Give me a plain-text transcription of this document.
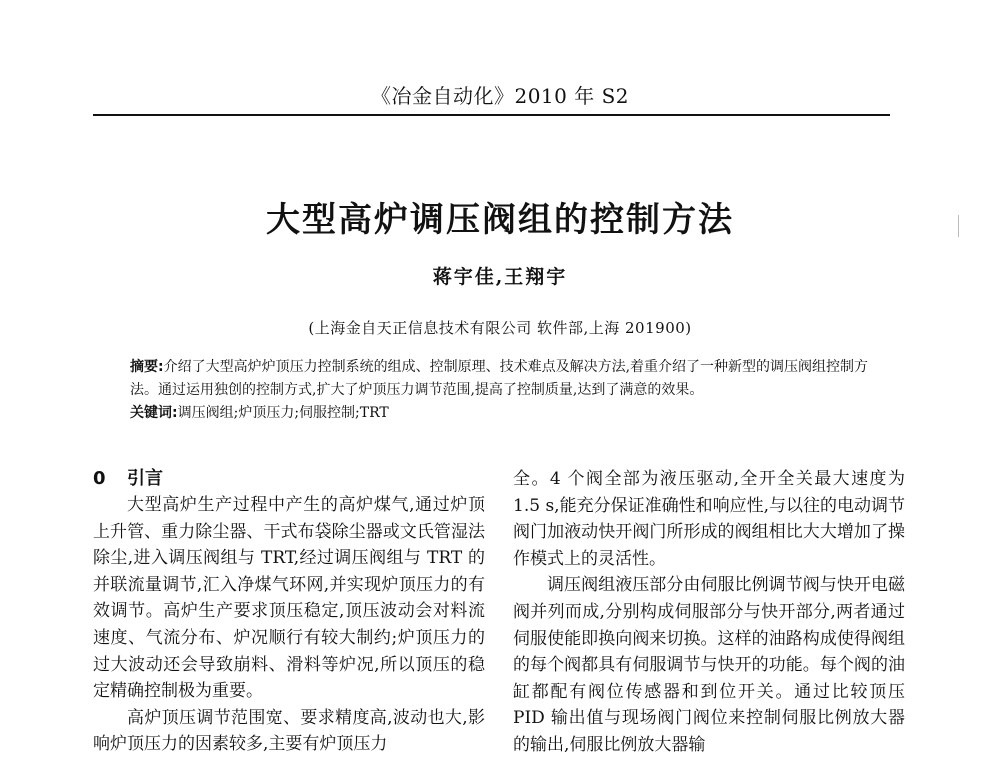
《冶金自动化》2010 年 S2
大型高炉调压阀组的控制方法
蒋宇佳,王翔宇
(上海金自天正信息技术有限公司 软件部,上海 201900)

摘要:介绍了大型高炉炉顶压力控制系统的组成、控制原理、技术难点及解决方法,着重介绍了一种新型的调压阀组控制方法。通过运用独创的控制方式,扩大了炉顶压力调节范围,提高了控制质量,达到了满意的效果。

关键词:调压阀组;炉顶压力;伺服控制;TRT

0 引言

大型高炉生产过程中产生的高炉煤气,通过炉顶上升管、重力除尘器、干式布袋除尘器或文氏管湿法除尘,进入调压阀组与 TRT,经过调压阀组与 TRT 的并联流量调节,汇入净煤气环网,并实现炉顶压力的有效调节。高炉生产要求顶压稳定,顶压波动会对料流速度、气流分布、炉况顺行有较大制约;炉顶压力的过大波动还会导致崩料、滑料等炉况,所以顶压的稳定精确控制极为重要。

高炉顶压调节范围宽、要求精度高,波动也大,影响炉顶压力的因素较多,主要有炉顶压力

全。4 个阀全部为液压驱动,全开全关最大速度为 1.5 s,能充分保证准确性和响应性,与以往的电动调节阀门加液动快开阀门所形成的阀组相比大大增加了操作模式上的灵活性。

调压阀组液压部分由伺服比例调节阀与快开电磁阀并列而成,分别构成伺服部分与快开部分,两者通过伺服使能即换向阀来切换。这样的油路构成使得阀组的每个阀都具有伺服调节与快开的功能。每个阀的油缸都配有阀位传感器和到位开关。通过比较顶压 PID 输出值与现场阀门阀位来控制伺服比例放大器的输出,伺服比例放大器输
